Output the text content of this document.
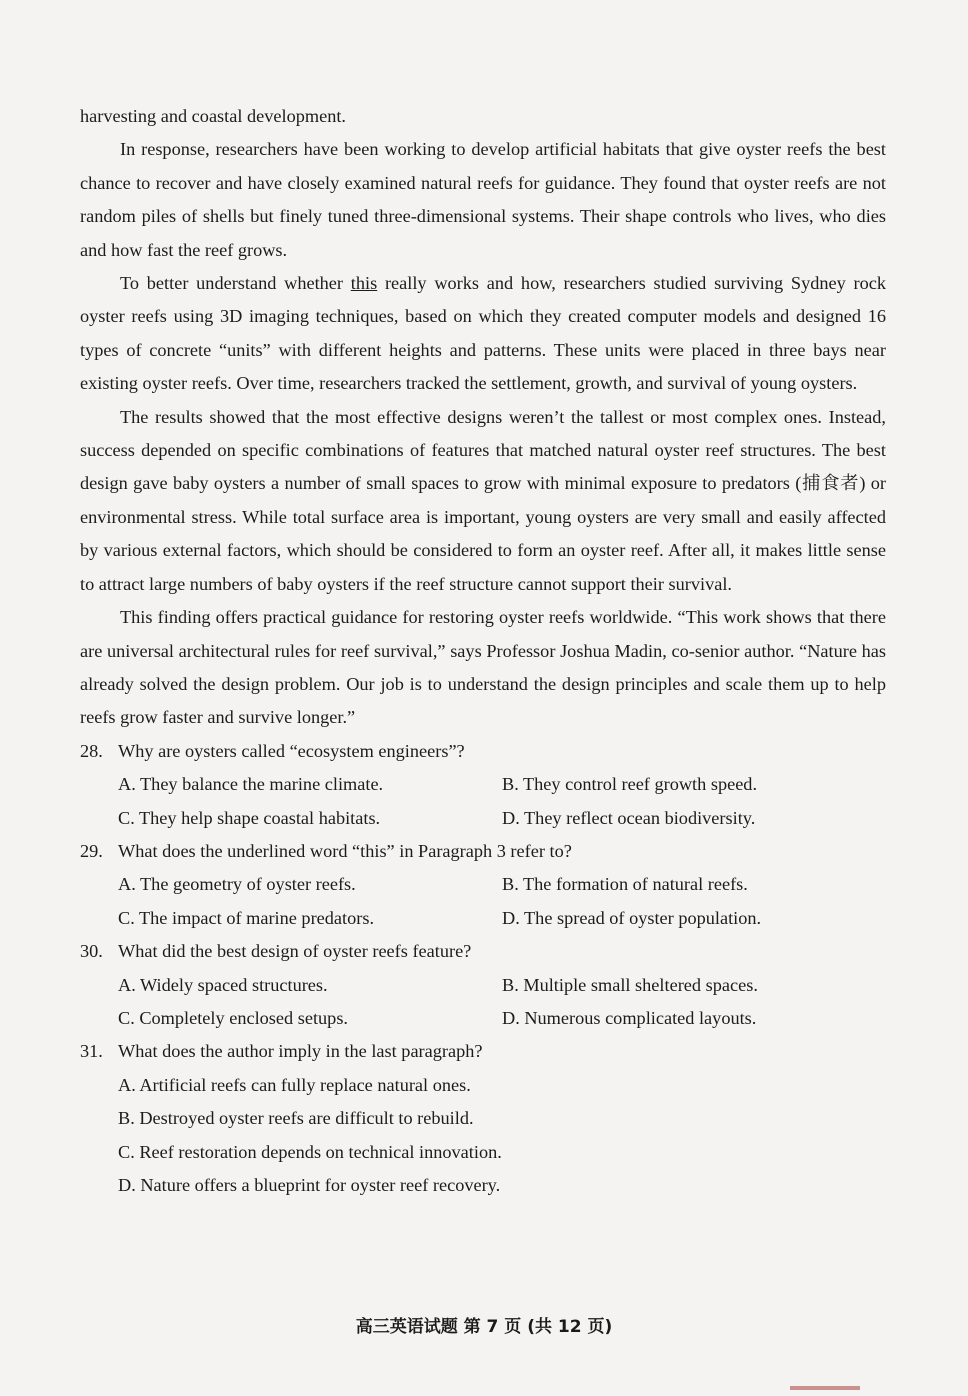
harvesting and coastal development.

In response, researchers have been working to develop artificial habitats that give oyster reefs the best chance to recover and have closely examined natural reefs for guidance. They found that oyster reefs are not random piles of shells but finely tuned three-dimensional systems. Their shape controls who lives, who dies and how fast the reef grows.

To better understand whether this really works and how, researchers studied surviving Sydney rock oyster reefs using 3D imaging techniques, based on which they created computer models and designed 16 types of concrete “units” with different heights and patterns. These units were placed in three bays near existing oyster reefs. Over time, researchers tracked the settlement, growth, and survival of young oysters.

The results showed that the most effective designs weren’t the tallest or most complex ones. Instead, success depended on specific combinations of features that matched natural oyster reef structures. The best design gave baby oysters a number of small spaces to grow with minimal exposure to predators (捕食者) or environmental stress. While total surface area is important, young oysters are very small and easily affected by various external factors, which should be considered to form an oyster reef. After all, it makes little sense to attract large numbers of baby oysters if the reef structure cannot support their survival.

This finding offers practical guidance for restoring oyster reefs worldwide. “This work shows that there are universal architectural rules for reef survival,” says Professor Joshua Madin, co-senior author. “Nature has already solved the design problem. Our job is to understand the design principles and scale them up to help reefs grow faster and survive longer.”

28. Why are oysters called “ecosystem engineers”?
A. They balance the marine climate.	B. They control reef growth speed.
C. They help shape coastal habitats.	D. They reflect ocean biodiversity.
29. What does the underlined word “this” in Paragraph 3 refer to?
A. The geometry of oyster reefs.	B. The formation of natural reefs.
C. The impact of marine predators.	D. The spread of oyster population.
30. What did the best design of oyster reefs feature?
A. Widely spaced structures.	B. Multiple small sheltered spaces.
C. Completely enclosed setups.	D. Numerous complicated layouts.
31. What does the author imply in the last paragraph?
A. Artificial reefs can fully replace natural ones.
B. Destroyed oyster reefs are difficult to rebuild.
C. Reef restoration depends on technical innovation.
D. Nature offers a blueprint for oyster reef recovery.
高三英语试题 第 7 页 (共 12 页)
